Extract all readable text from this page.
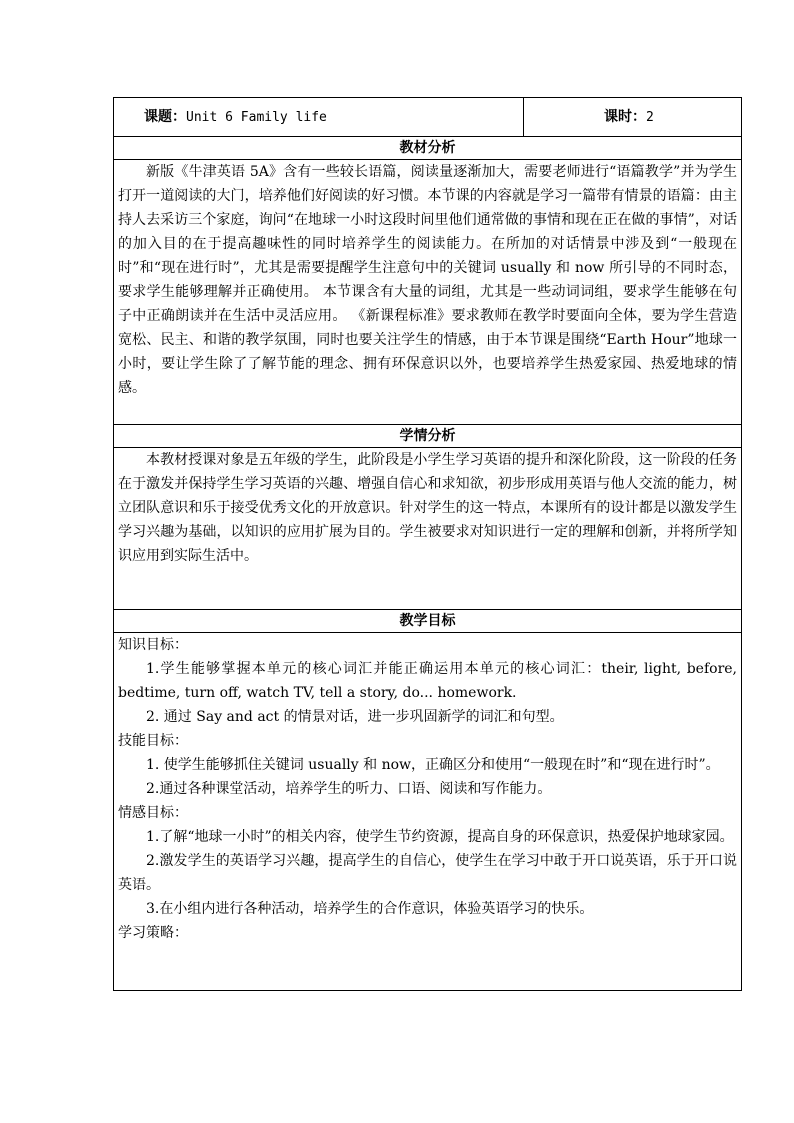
课题：Unit 6 Family life	课时：2
教材分析

新版《牛津英语 5A》含有一些较长语篇，阅读量逐渐加大，需要老师进行“语篇教学”并为学生打开一道阅读的大门，培养他们好阅读的好习惯。本节课的内容就是学习一篇带有情景的语篇：由主持人去采访三个家庭，询问“在地球一小时这段时间里他们通常做的事情和现在正在做的事情”，对话的加入目的在于提高趣味性的同时培养学生的阅读能力。在所加的对话情景中涉及到“一般现在时”和“现在进行时”，尤其是需要提醒学生注意句中的关键词 usually 和 now 所引导的不同时态，要求学生能够理解并正确使用。 本节课含有大量的词组，尤其是一些动词词组，要求学生能够在句子中正确朗读并在生活中灵活应用。 《新课程标准》要求教师在教学时要面向全体，要为学生营造宽松、民主、和谐的教学氛围，同时也要关注学生的情感，由于本节课是围绕“Earth Hour”地球一小时，要让学生除了了解节能的理念、拥有环保意识以外，也要培养学生热爱家园、热爱地球的情感。

学情分析

本教材授课对象是五年级的学生，此阶段是小学生学习英语的提升和深化阶段，这一阶段的任务在于激发并保持学生学习英语的兴趣、增强自信心和求知欲，初步形成用英语与他人交流的能力，树立团队意识和乐于接受优秀文化的开放意识。针对学生的这一特点，本课所有的设计都是以激发学生学习兴趣为基础，以知识的应用扩展为目的。学生被要求对知识进行一定的理解和创新，并将所学知识应用到实际生活中。

教学目标

知识目标：

1.学生能够掌握本单元的核心词汇并能正确运用本单元的核心词汇：their, light, before, bedtime, turn off, watch TV, tell a story, do... homework.

2. 通过 Say and act 的情景对话，进一步巩固新学的词汇和句型。

技能目标：

1. 使学生能够抓住关键词 usually 和 now，正确区分和使用“一般现在时”和“现在进行时”。

2.通过各种课堂活动，培养学生的听力、口语、阅读和写作能力。

情感目标：

1.了解“地球一小时”的相关内容，使学生节约资源，提高自身的环保意识，热爱保护地球家园。

2.激发学生的英语学习兴趣，提高学生的自信心，使学生在学习中敢于开口说英语，乐于开口说英语。

3.在小组内进行各种活动，培养学生的合作意识，体验英语学习的快乐。

学习策略：
